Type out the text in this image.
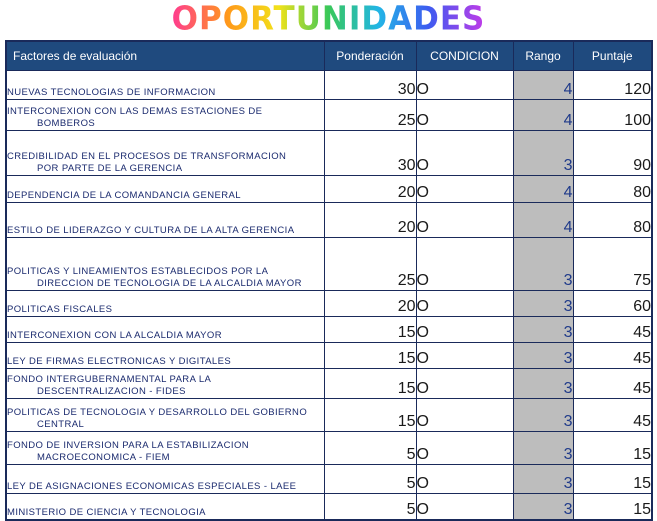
OPORTUNIDADES
Factores de evaluación	Ponderación	CONDICION	Rango	Puntaje
NUEVAS TECNOLOGIAS DE INFORMACION	30	O	4	120
INTERCONEXION CON LAS DEMAS ESTACIONES DE
BOMBEROS	25	O	4	100
CREDIBILIDAD EN EL PROCESOS DE TRANSFORMACION
POR PARTE DE LA GERENCIA	30	O	3	90
DEPENDENCIA DE LA COMANDANCIA GENERAL	20	O	4	80
ESTILO DE LIDERAZGO Y CULTURA DE LA ALTA GERENCIA	20	O	4	80
POLITICAS Y LINEAMIENTOS ESTABLECIDOS POR LA
DIRECCION DE TECNOLOGIA DE LA ALCALDIA MAYOR	25	O	3	75
POLITICAS FISCALES	20	O	3	60
INTERCONEXION CON LA ALCALDIA MAYOR	15	O	3	45
LEY DE FIRMAS ELECTRONICAS Y DIGITALES	15	O	3	45
FONDO INTERGUBERNAMENTAL PARA LA
DESCENTRALIZACION - FIDES	15	O	3	45
POLITICAS DE TECNOLOGIA Y DESARROLLO DEL GOBIERNO
CENTRAL	15	O	3	45
FONDO DE INVERSION PARA LA ESTABILIZACION
MACROECONOMICA - FIEM	5	O	3	15
LEY DE ASIGNACIONES ECONOMICAS ESPECIALES - LAEE	5	O	3	15
MINISTERIO DE CIENCIA Y TECNOLOGIA	5	O	3	15
